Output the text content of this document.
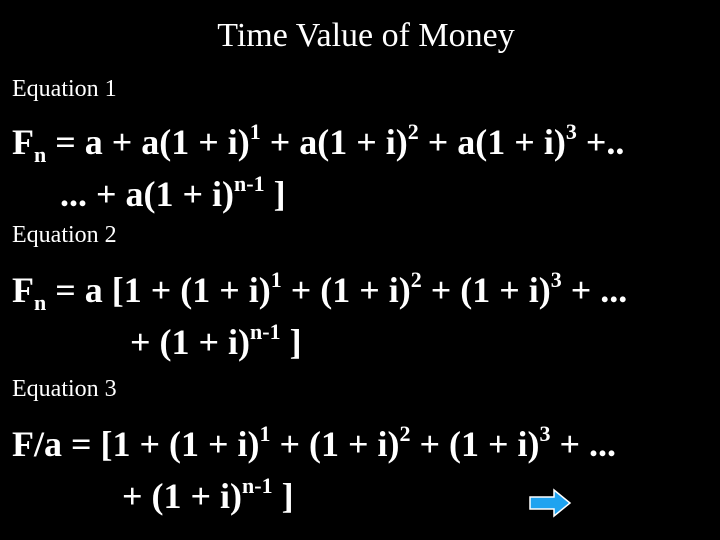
Time Value of Money
Equation 1
$F_n = a + a(1 + i)^1 + a(1 + i)^2 + a(1 + i)^3$ +..
... + $a(1 + i)^{n-1}$ ]
Equation 2
$F_n = a$ [$1 + (1 + i)^1 + (1 + i)^2 + (1 + i)^3$ + ...
+ $(1 + i)^{n-1}$ ]
Equation 3
$F/a = [1 + (1 + i)^1 + (1 + i)^2 + (1 + i)^3$ + ...
+ $(1 + i)^{n-1}$ ]
